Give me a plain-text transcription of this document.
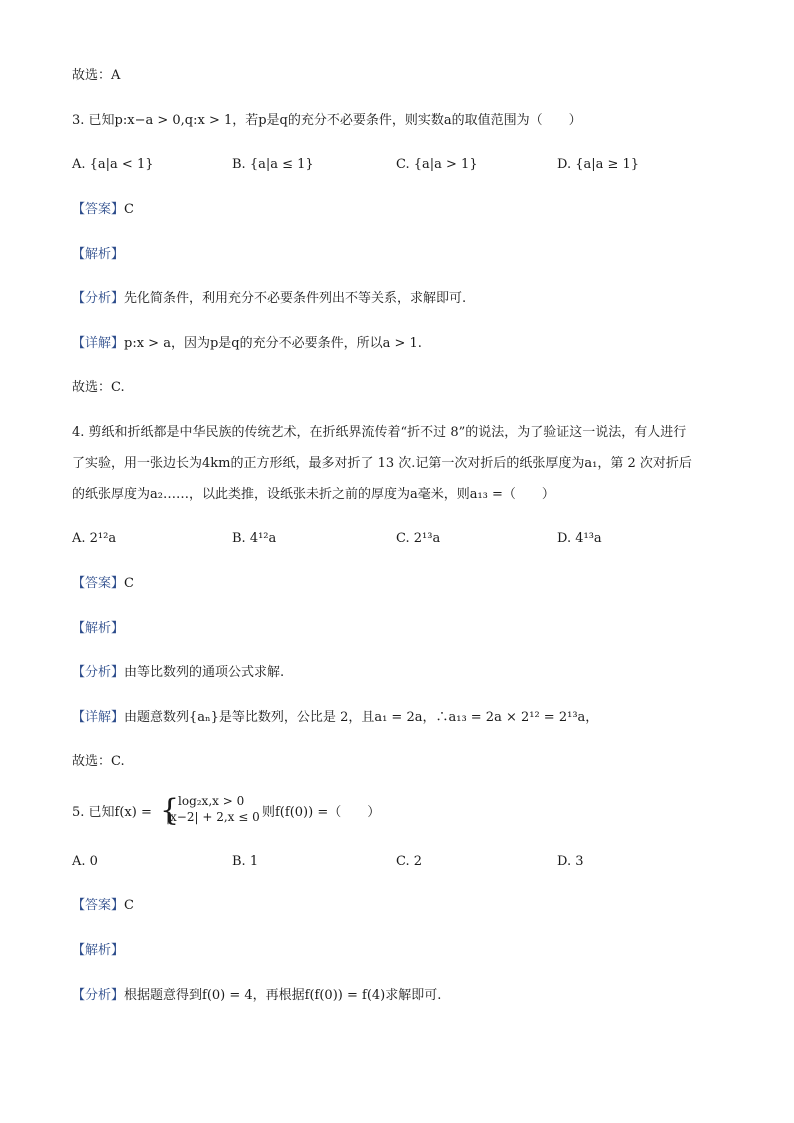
故选：A
3. 已知p:x−a > 0,q:x > 1，若p是q的充分不必要条件，则实数a的取值范围为（　　）
A. {a|a < 1}	B. {a|a ≤ 1}	C. {a|a > 1}	D. {a|a ≥ 1}
【答案】C
【解析】
【分析】先化简条件，利用充分不必要条件列出不等关系，求解即可.
【详解】p:x > a，因为p是q的充分不必要条件，所以a > 1.
故选：C.
4. 剪纸和折纸都是中华民族的传统艺术，在折纸界流传着“折不过 8”的说法，为了验证这一说法，有人进行
了实验，用一张边长为4km的正方形纸，最多对折了 13 次.记第一次对折后的纸张厚度为a₁，第 2 次对折后
的纸张厚度为a₂……，以此类推，设纸张未折之前的厚度为a毫米，则a₁₃ =（　　）
A. 2¹²a	B. 4¹²a	C. 2¹³a	D. 4¹³a
【答案】C
【解析】
【分析】由等比数列的通项公式求解.
【详解】由题意数列{aₙ}是等比数列，公比是 2，且a₁ = 2a，∴a₁₃ = 2a × 2¹² = 2¹³a，
故选：C.
5. 已知f(x) = {
log₂x,x > 0
|x−2| + 2,x ≤ 0 则f(f(0)) =（　　）
A. 0	B. 1	C. 2	D. 3
【答案】C
【解析】
【分析】根据题意得到f(0) = 4，再根据f(f(0)) = f(4)求解即可.
